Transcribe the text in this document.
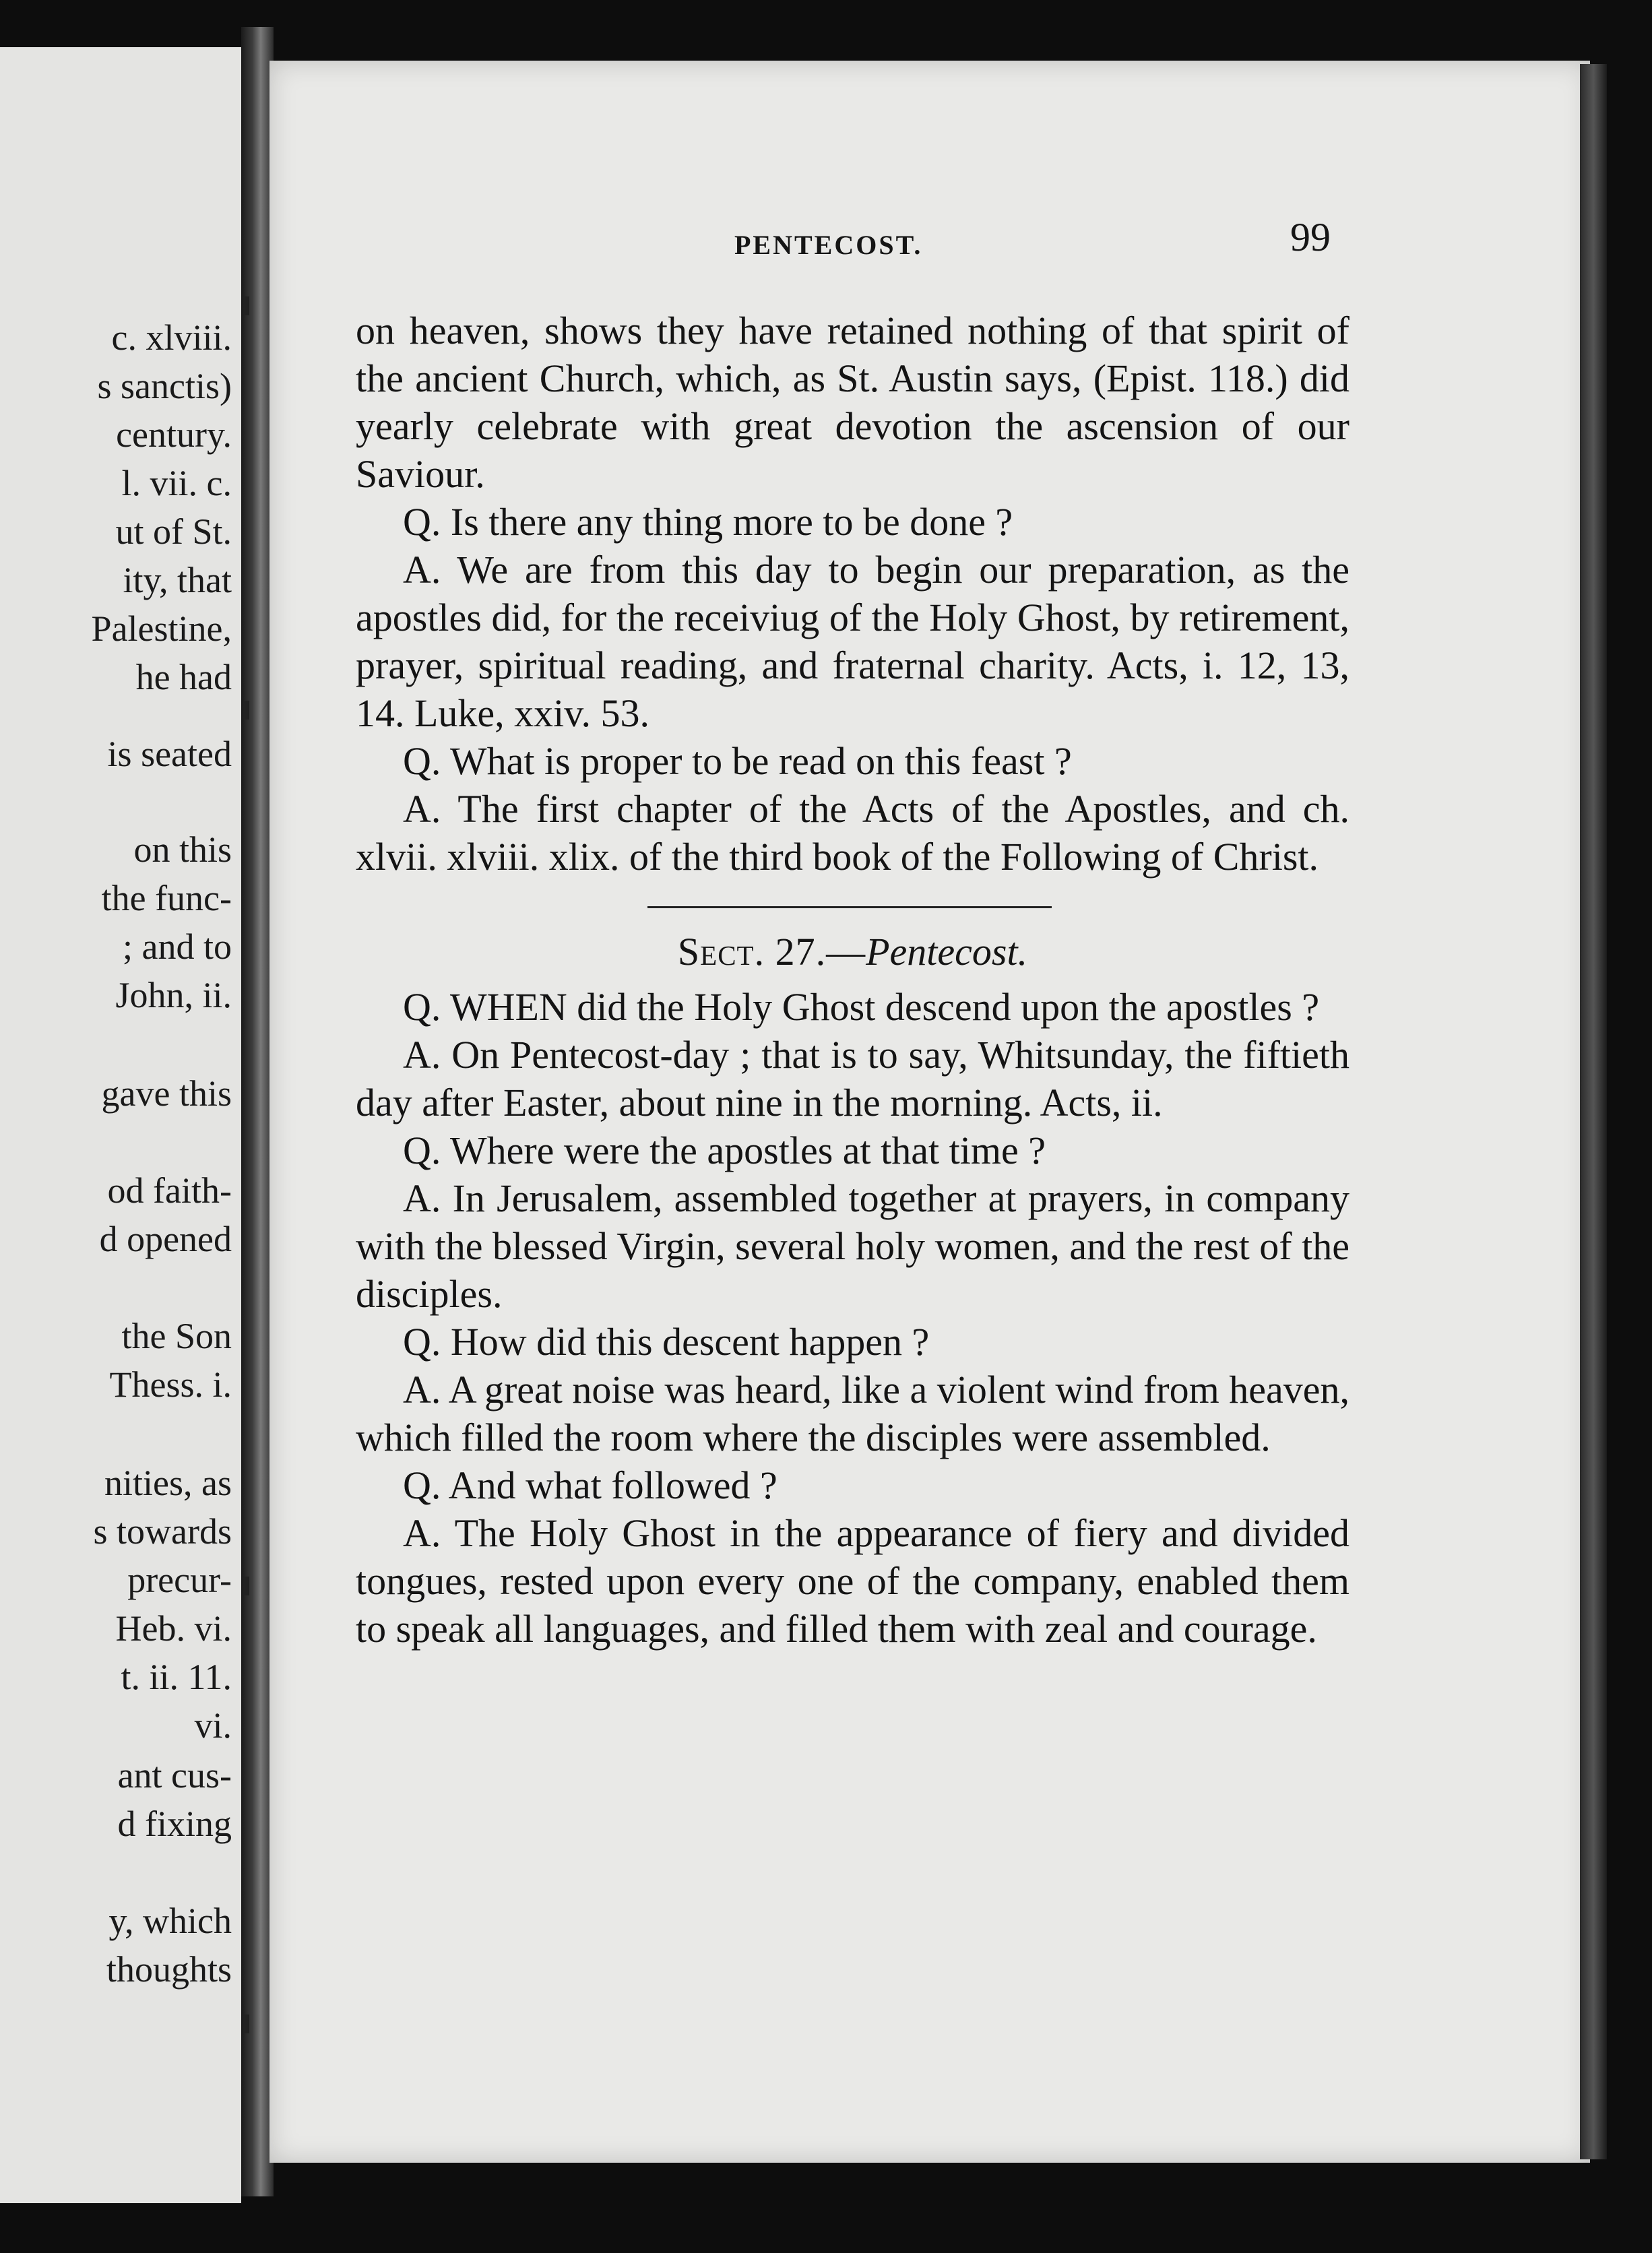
c. xlviii.
s sanctis)
century.
l. vii. c.
ut of St.
ity, that
Palestine,
he had
is seated
on this
the func-
; and to
John, ii.
gave this
od faith-
d opened
the Son
Thess. i.
nities, as
s towards
precur-
Heb. vi.
t. ii. 11.
vi.
ant cus-
d fixing
y, which
thoughts
PENTECOST.	99

on heaven, shows they have retained nothing of that spirit of the ancient Church, which, as St. Austin says, (Epist. 118.) did yearly celebrate with great devotion the ascension of our Saviour.

Q. Is there any thing more to be done ?

A. We are from this day to begin our preparation, as the apostles did, for the receiviug of the Holy Ghost, by retirement, prayer, spiritual reading, and fraternal charity. Acts, i. 12, 13, 14. Luke, xxiv. 53.

Q. What is proper to be read on this feast ?

A. The first chapter of the Acts of the Apostles, and ch. xlvii. xlviii. xlix. of the third book of the Following of Christ.

Sect. 27.—Pentecost.

Q. WHEN did the Holy Ghost descend upon the apostles ?

A. On Pentecost-day ; that is to say, Whitsunday, the fiftieth day after Easter, about nine in the morning. Acts, ii.

Q. Where were the apostles at that time ?

A. In Jerusalem, assembled together at prayers, in company with the blessed Virgin, several holy women, and the rest of the disciples.

Q. How did this descent happen ?

A. A great noise was heard, like a violent wind from heaven, which filled the room where the disciples were assembled.

Q. And what followed ?

A. The Holy Ghost in the appearance of fiery and divided tongues, rested upon every one of the company, enabled them to speak all languages, and filled them with zeal and courage.
